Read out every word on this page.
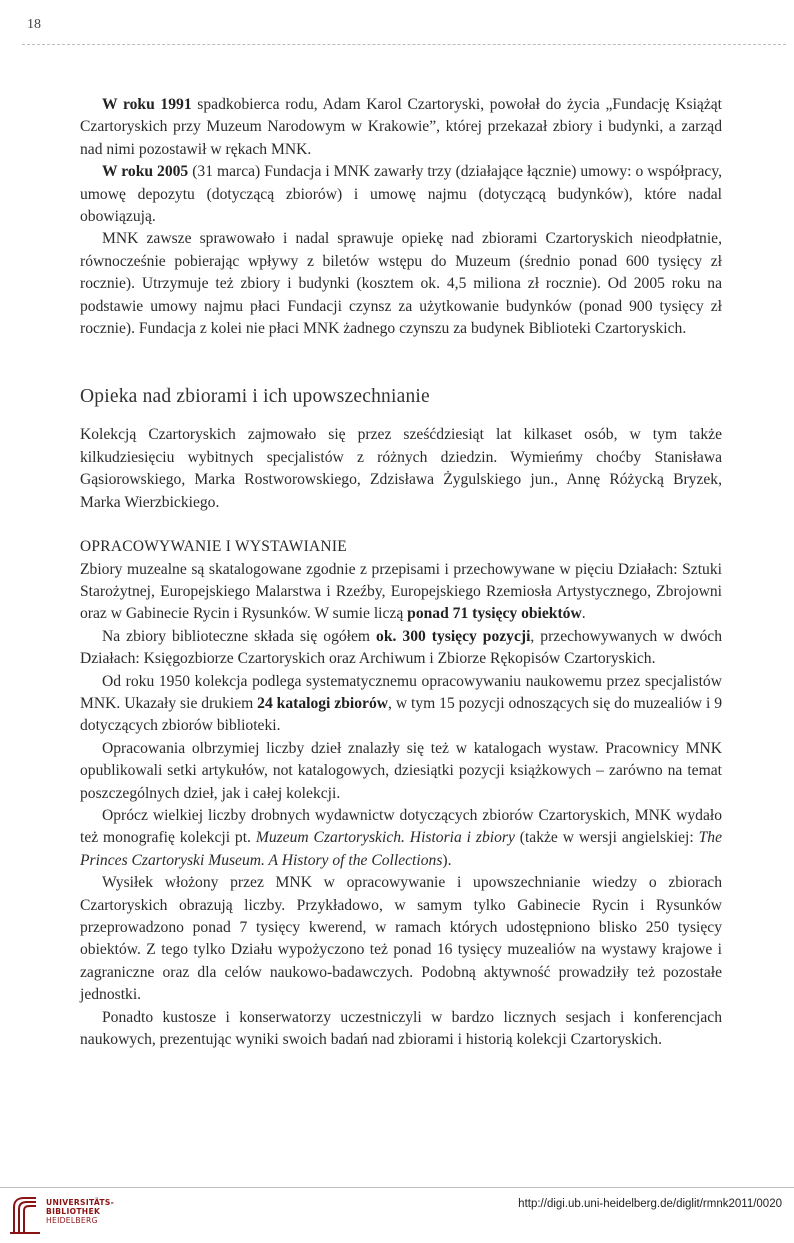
18

W roku 1991 spadkobierca rodu, Adam Karol Czartoryski, powołał do życia „Fundację Książąt Czartoryskich przy Muzeum Narodowym w Krakowie”, której przekazał zbiory i budynki, a zarząd nad nimi pozostawił w rękach MNK.

W roku 2005 (31 marca) Fundacja i MNK zawarły trzy (działające łącznie) umowy: o współpracy, umowę depozytu (dotyczącą zbiorów) i umowę najmu (dotyczącą budynków), które nadal obowiązują.

MNK zawsze sprawowało i nadal sprawuje opiekę nad zbiorami Czartoryskich nieodpłatnie, równocześnie pobierając wpływy z biletów wstępu do Muzeum (średnio ponad 600 tysięcy zł rocznie). Utrzymuje też zbiory i budynki (kosztem ok. 4,5 miliona zł rocznie). Od 2005 roku na podstawie umowy najmu płaci Fundacji czynsz za użytkowanie budynków (ponad 900 tysięcy zł rocznie). Fundacja z kolei nie płaci MNK żadnego czynszu za budynek Biblioteki Czartoryskich.

Opieka nad zbiorami i ich upowszechnianie

Kolekcją Czartoryskich zajmowało się przez sześćdziesiąt lat kilkaset osób, w tym także kilkudziesięciu wybitnych specjalistów z różnych dziedzin. Wymieńmy choćby Stanisława Gąsiorowskiego, Marka Rostworowskiego, Zdzisława Żygulskiego jun., Annę Różycką Bryzek, Marka Wierzbickiego.

OPRACOWYWANIE I WYSTAWIANIE

Zbiory muzealne są skatalogowane zgodnie z przepisami i przechowywane w pięciu Działach: Sztuki Starożytnej, Europejskiego Malarstwa i Rzeźby, Europejskiego Rzemiosła Artystycznego, Zbrojowni oraz w Gabinecie Rycin i Rysunków. W sumie liczą ponad 71 tysięcy obiektów.

Na zbiory biblioteczne składa się ogółem ok. 300 tysięcy pozycji, przechowywanych w dwóch Działach: Księgozbiorze Czartoryskich oraz Archiwum i Zbiorze Rękopisów Czartoryskich.

Od roku 1950 kolekcja podlega systematycznemu opracowywaniu naukowemu przez specjalistów MNK. Ukazały sie drukiem 24 katalogi zbiorów, w tym 15 pozycji odnoszących się do muzealiów i 9 dotyczących zbiorów biblioteki.

Opracowania olbrzymiej liczby dzieł znalazły się też w katalogach wystaw. Pracownicy MNK opublikowali setki artykułów, not katalogowych, dziesiątki pozycji książkowych – zarówno na temat poszczególnych dzieł, jak i całej kolekcji.

Oprócz wielkiej liczby drobnych wydawnictw dotyczących zbiorów Czartoryskich, MNK wydało też monografię kolekcji pt. Muzeum Czartoryskich. Historia i zbiory (także w wersji angielskiej: The Princes Czartoryski Museum. A History of the Collections).

Wysiłek włożony przez MNK w opracowywanie i upowszechnianie wiedzy o zbiorach Czartoryskich obrazują liczby. Przykładowo, w samym tylko Gabinecie Rycin i Rysunków przeprowadzono ponad 7 tysięcy kwerend, w ramach których udostępniono blisko 250 tysięcy obiektów. Z tego tylko Działu wypożyczono też ponad 16 tysięcy muzealiów na wystawy krajowe i zagraniczne oraz dla celów naukowo-badawczych. Podobną aktywność prowadziły też pozostałe jednostki.

Ponadto kustosze i konserwatorzy uczestniczyli w bardzo licznych sesjach i konferencjach naukowych, prezentując wyniki swoich badań nad zbiorami i historią kolekcji Czartoryskich.

UNIVERSITÄTS-
BIBLIOTHEK
HEIDELBERG
http://digi.ub.uni-heidelberg.de/diglit/rmnk2011/0020
